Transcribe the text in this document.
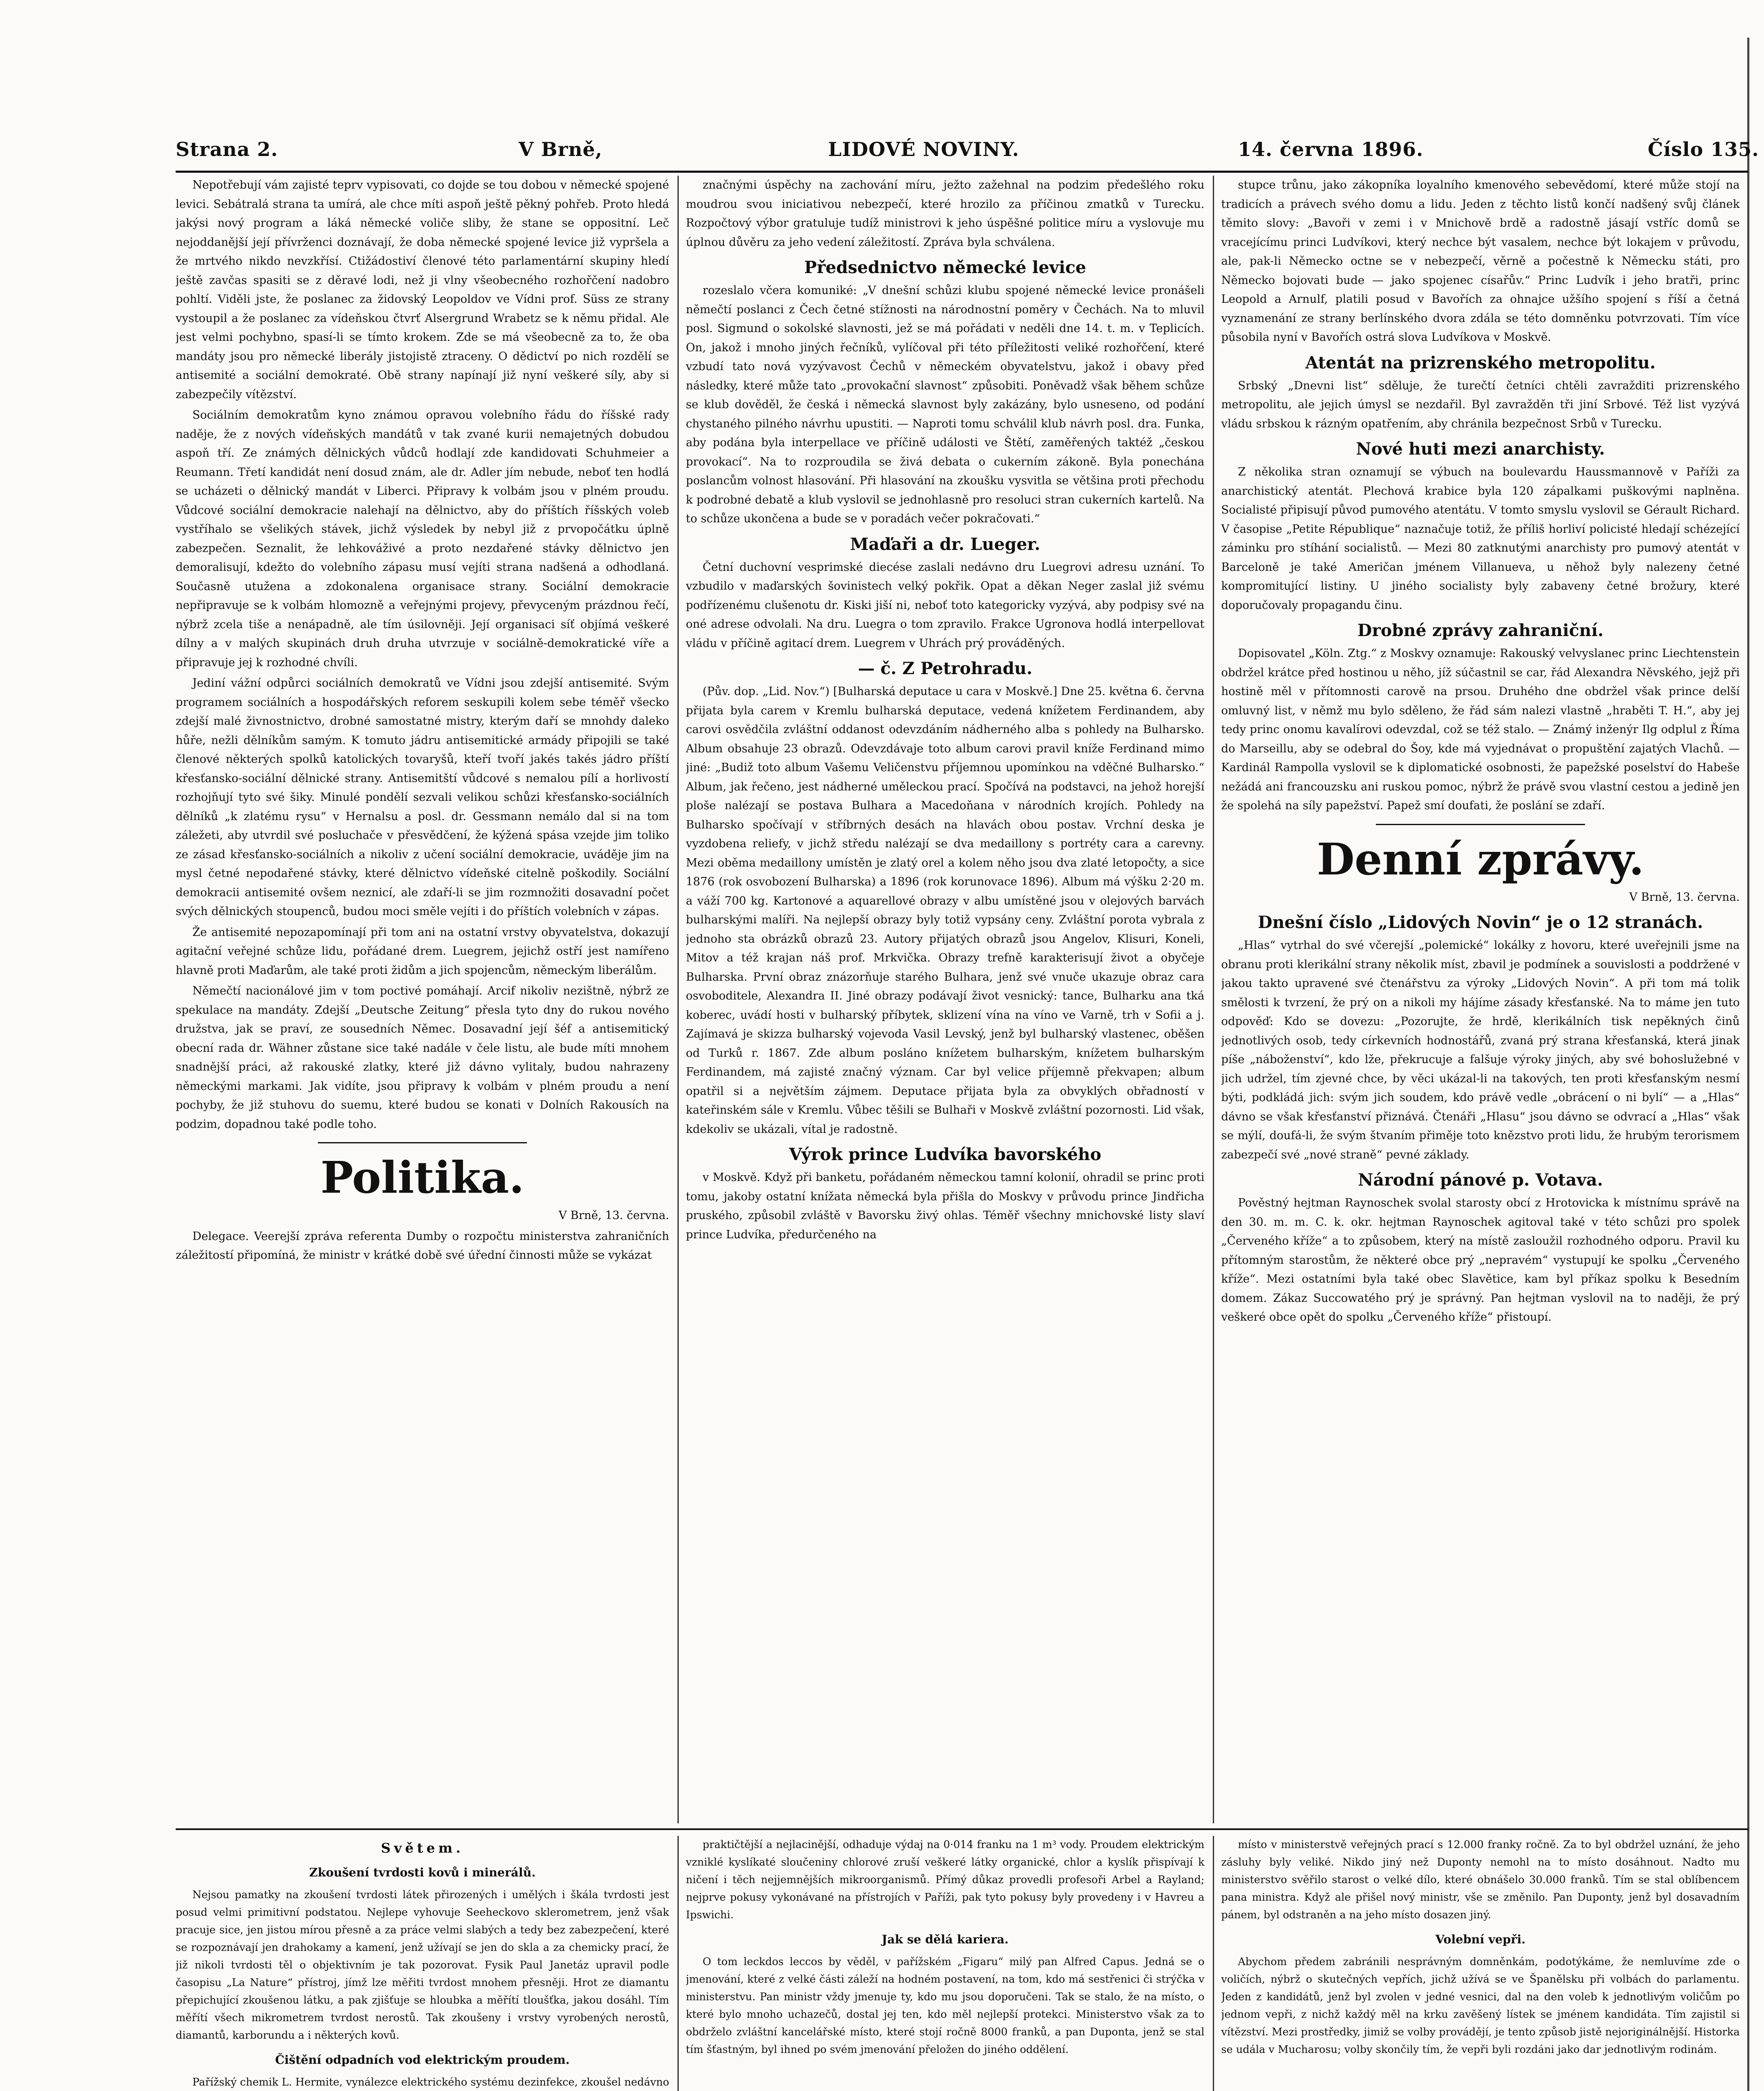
Strana 2.	V Brně,	LIDOVÉ NOVINY.	14. června 1896.	Číslo 135.

Nepotřebují vám zajisté teprv vypisovati, co dojde se tou dobou v německé spojené levici. Sebátralá strana ta umírá, ale chce míti aspoň ještě pěkný pohřeb. Proto hledá jakýsi nový program a láká německé voliče sliby, že stane se oppositní. Leč nejoddanější její přívrženci doznávají, že doba německé spojené levice již vypršela a že mrtvého nikdo nevzkřísí. Ctižádostiví členové této parlamentární skupiny hledí ještě zavčas spasiti se z děravé lodi, než ji vlny všeobecného rozhořčení nadobro pohltí. Viděli jste, že poslanec za židovský Leopoldov ve Vídni prof. Süss ze strany vystoupil a že poslanec za vídeňskou čtvrť Alsergrund Wrabetz se k němu přidal. Ale jest velmi pochybno, spasí-li se tímto krokem. Zde se má všeobecně za to, že oba mandáty jsou pro německé liberály jistojistě ztraceny. O dědictví po nich rozdělí se antisemité a sociální demokraté. Obě strany napínají již nyní veškeré síly, aby si zabezpečily vítězství.

Sociálním demokratům kyno známou opravou volebního řádu do říšské rady naděje, že z nových vídeňských mandátů v tak zvané kurii nemajetných dobudou aspoň tří. Ze známých dělnických vůdců hodlají zde kandidovati Schuhmeier a Reumann. Třetí kandidát není dosud znám, ale dr. Adler jím nebude, neboť ten hodlá se ucházeti o dělnický mandát v Liberci. Připravy k volbám jsou v plném proudu. Vůdcové sociální demokracie nalehají na dělnictvo, aby do příštích říšských voleb vystříhalo se všelikých stávek, jichž výsledek by nebyl již z prvopočátku úplně zabezpečen. Seznalit, že lehkováživé a proto nezdařené stávky dělnictvo jen demoralisují, kdežto do volebního zápasu musí vejíti strana nadšená a odhodlaná. Současně utužena a zdokonalena organisace strany. Sociální demokracie nepřipravuje se k volbám hlomozně a veřejnými projevy, převyceným prázdnou řečí, nýbrž zcela tiše a nenápadně, ale tím úsilovněji. Její organisaci síť objímá veškeré dílny a v malých skupinách druh druha utvrzuje v sociálně-demokratické víře a připravuje jej k rozhodné chvíli.

Jediní vážní odpůrci sociálních demokratů ve Vídni jsou zdejší antisemité. Svým programem sociálních a hospodářských reforem seskupili kolem sebe téměř všecko zdejší malé živnostnictvo, drobné samostatné mistry, kterým daří se mnohdy daleko hůře, nežli dělníkům samým. K tomuto jádru antisemitické armády připojili se také členové některých spolků katolických tovaryšů, kteří tvoří jakés takés jádro příští křesťansko-sociální dělnické strany. Antisemitští vůdcové s nemalou pílí a horlivostí rozhojňují tyto své šiky. Minulé pondělí sezvali velikou schůzi křesťansko-sociálních dělníků „k zlatému rysu“ v Hernalsu a posl. dr. Gessmann nemálo dal si na tom záležeti, aby utvrdil své posluchače v přesvědčení, že kýžená spása vzejde jim toliko ze zásad křesťansko-sociálních a nikoliv z učení sociální demokracie, uváděje jim na mysl četné nepodařené stávky, které dělnictvo vídeňské citelně poškodily. Sociální demokracii antisemité ovšem neznicí, ale zdaří-li se jim rozmnožiti dosavadní počet svých dělnických stoupenců, budou moci směle vejíti i do příštích volebních v zápas.

Že antisemité nepozapomínají při tom ani na ostatní vrstvy obyvatelstva, dokazují agitační veřejné schůze lidu, pořádané drem. Luegrem, jejichž ostří jest namířeno hlavně proti Maďarům, ale také proti židům a jich spojencům, německým liberálům.

Němečtí nacionálové jim v tom poctivé pomáhají. Arcif nikoliv nezištně, nýbrž ze spekulace na mandáty. Zdejší „Deutsche Zeitung“ přesla tyto dny do rukou nového družstva, jak se praví, ze sousedních Němec. Dosavadní její šéf a antisemitický obecní rada dr. Wähner zůstane sice také nadále v čele listu, ale bude míti mnohem snadnější práci, až rakouské zlatky, které již dávno vylitaly, budou nahrazeny německými markami. Jak vidíte, jsou připravy k volbám v plném proudu a není pochyby, že již stuhovu do suemu, které budou se konati v Dolních Rakousích na podzim, dopadnou také podle toho.

Politika.

V Brně, 13. června.

Delegace. Veerejší zpráva referenta Dumby o rozpočtu ministerstva zahraničních záležitostí připomíná, že ministr v krátké době své úřední činnosti může se vykázat

značnými úspěchy na zachování míru, ježto zažehnal na podzim předešlého roku moudrou svou iniciativou nebezpečí, které hrozilo za příčinou zmatků v Turecku. Rozpočtový výbor gratuluje tudíž ministrovi k jeho úspěšné politice míru a vyslovuje mu úplnou důvěru za jeho vedení záležitostí. Zpráva byla schválena.

Předsednictvo německé levice

rozeslalo včera komuniké: „V dnešní schůzi klubu spojené německé levice pronášeli němečtí poslanci z Čech četné stížnosti na národnostní poměry v Čechách. Na to mluvil posl. Sigmund o sokolské slavnosti, jež se má pořádati v neděli dne 14. t. m. v Teplicích. On, jakož i mnoho jiných řečníků, vylíčoval při této příležitosti veliké rozhořčení, které vzbudí tato nová vyzývavost Čechů v německém obyvatelstvu, jakož i obavy před následky, které může tato „provokační slavnost“ způsobiti. Poněvadž však během schůze se klub dověděl, že česká i německá slavnost byly zakázány, bylo usneseno, od podání chystaného pilného návrhu upustiti. — Naproti tomu schválil klub návrh posl. dra. Funka, aby podána byla interpellace ve příčině události ve Štětí, zaměřených taktéž „českou provokací“. Na to rozproudila se živá debata o cukerním zákoně. Byla ponechána poslancům volnost hlasování. Při hlasování na zkoušku vysvitla se většina proti přechodu k podrobné debatě a klub vyslovil se jednohlasně pro resoluci stran cukerních kartelů. Na to schůze ukončena a bude se v poradách večer pokračovati.“

Maďaři a dr. Lueger.

Četní duchovní vesprimské diecése zaslali nedávno dru Luegrovi adresu uznání. To vzbudilo v maďarských šovinistech velký pokřik. Opat a děkan Neger zaslal již svému podřízenému clušenotu dr. Kiski jiší ni, neboť toto kategoricky vyzývá, aby podpisy své na oné adrese odvolali. Na dru. Luegra o tom zpravilo. Frakce Ugronova hodlá interpellovat vládu v příčině agitací drem. Luegrem v Uhrách prý prováděných.

— č. Z Petrohradu.

(Pův. dop. „Lid. Nov.“) [Bulharská deputace u cara v Moskvě.] Dne 25. května 6. června přijata byla carem v Kremlu bulharská deputace, vedená knížetem Ferdinandem, aby carovi osvědčila zvláštní oddanost odevzdáním nádherného alba s pohledy na Bulharsko. Album obsahuje 23 obrazů. Odevzdávaje toto album carovi pravil kníže Ferdinand mimo jiné: „Budiž toto album Vašemu Veličenstvu příjemnou upomínkou na vděčné Bulharsko.“ Album, jak řečeno, jest nádherné uměleckou prací. Spočívá na podstavci, na jehož horejší ploše nalézají se postava Bulhara a Macedoňana v národních krojích. Pohledy na Bulharsko spočívají v stříbrných desách na hlavách obou postav. Vrchní deska je vyzdobena reliefy, v jichž středu nalézají se dva medaillony s portréty cara a carevny. Mezi oběma medaillony umístěn je zlatý orel a kolem něho jsou dva zlaté letopočty, a sice 1876 (rok osvobození Bulharska) a 1896 (rok korunovace 1896). Album má výšku 2·20 m. a váží 700 kg. Kartonové a aquarellové obrazy v albu umístěné jsou v olejových barvách bulharskými malíři. Na nejlepší obrazy byly totiž vypsány ceny. Zvláštní porota vybrala z jednoho sta obrázků obrazů 23. Autory přijatých obrazů jsou Angelov, Klisuri, Koneli, Mitov a též krajan náš prof. Mrkvička. Obrazy trefně karakterisují život a obyčeje Bulharska. První obraz znázorňuje starého Bulhara, jenž své vnuče ukazuje obraz cara osvoboditele, Alexandra II. Jiné obrazy podávají život vesnický: tance, Bulharku ana tká koberec, uvádí hosti v bulharský příbytek, sklizení vína na víno ve Varně, trh v Sofii a j. Zajímavá je skizza bulharský vojevoda Vasil Levský, jenž byl bulharský vlastenec, oběšen od Turků r. 1867. Zde album posláno knížetem bulharským, knížetem bulharským Ferdinandem, má zajisté značný význam. Car byl velice příjemně překvapen; album opatřil si a největším zájmem. Deputace přijata byla za obvyklých obřadností v kateřinském sále v Kremlu. Vůbec těšili se Bulhaři v Moskvě zvláštní pozornosti. Lid však, kdekoliv se ukázali, vítal je radostně.

Výrok prince Ludvíka bavorského

v Moskvě. Když při banketu, pořádaném německou tamní kolonií, ohradil se princ proti tomu, jakoby ostatní knížata německá byla přišla do Moskvy v průvodu prince Jindřicha pruského, způsobil zvláště v Bavorsku živý ohlas. Téměř všechny mnichovské listy slaví prince Ludvíka, předurčeného na

stupce trůnu, jako zákopníka loyalního kmenového sebevědomí, které může stojí na tradicích a právech svého domu a lidu. Jeden z těchto listů končí nadšený svůj článek těmito slovy: „Bavoři v zemi i v Mnichově brdě a radostně jásají vstříc domů se vracejícímu princi Ludvíkovi, který nechce být vasalem, nechce být lokajem v průvodu, ale, pak-li Německo octne se v nebezpečí, věrně a počestně k Německu státi, pro Německo bojovati bude — jako spojenec císařův.“ Princ Ludvík i jeho bratři, princ Leopold a Arnulf, platili posud v Bavořích za ohnajce užšího spojení s říší a četná vyznamenání ze strany berlínského dvora zdála se této domněnku potvrzovati. Tím více působila nyní v Bavořích ostrá slova Ludvíkova v Moskvě.

Atentát na prizrenského metropolitu.

Srbský „Dnevni list“ sděluje, že turečtí četníci chtěli zavražditi prizrenského metropolitu, ale jejich úmysl se nezdařil. Byl zavražděn tři jiní Srbové. Též list vyzývá vládu srbskou k rázným opatřením, aby chránila bezpečnost Srbů v Turecku.

Nové huti mezi anarchisty.

Z několika stran oznamují se výbuch na boulevardu Haussmannově v Paříži za anarchistický atentát. Plechová krabice byla 120 zápalkami puškovými naplněna. Socialisté připisují původ pumového atentátu. V tomto smyslu vyslovil se Gérault Richard. V časopise „Petite République“ naznačuje totiž, že příliš horliví policisté hledají schézející záminku pro stíhání socialistů. — Mezi 80 zatknutými anarchisty pro pumový atentát v Barceloně je také Američan jménem Villanueva, u něhož byly nalezeny četné kompromitující listiny. U jiného socialisty byly zabaveny četné brožury, které doporučovaly propagandu činu.

Drobné zprávy zahraniční.

Dopisovatel „Köln. Ztg.“ z Moskvy oznamuje: Rakouský velvyslanec princ Liechtenstein obdržel krátce před hostinou u něho, jíž súčastnil se car, řád Alexandra Něvského, jejž při hostině měl v přítomnosti carově na prsou. Druhého dne obdržel však prince delší omluvný list, v němž mu bylo sděleno, že řád sám nalezi vlastně „hraběti T. H.“, aby jej tedy princ onomu kavalírovi odevzdal, což se též stalo. — Známý inženýr Ilg odplul z Říma do Marseillu, aby se odebral do Šoy, kde má vyjednávat o propuštění zajatých Vlachů. — Kardinál Rampolla vyslovil se k diplomatické osobnosti, že papežské poselství do Habeše nežádá ani francouzsku ani ruskou pomoc, nýbrž že právě svou vlastní cestou a jedině jen že spolehá na síly papežství. Papež smí doufati, že poslání se zdaří.

Denní zprávy.

V Brně, 13. června.

Dnešní číslo „Lidových Novin“ je o 12 stranách.

„Hlas“ vytrhal do své včerejší „polemické“ lokálky z hovoru, které uveřejnili jsme na obranu proti klerikální strany několik míst, zbavil je podmínek a souvislosti a poddržené v jakou takto upravené své čtenářstvu za výroky „Lidových Novin“. A při tom má tolik smělosti k tvrzení, že prý on a nikoli my hájíme zásady křesťanské. Na to máme jen tuto odpověď: Kdo se dovezu: „Pozorujte, že hrdě, klerikálních tisk nepěkných činů jednotlivých osob, tedy církevních hodnostářů, zvaná prý strana křesťanská, která jinak píše „náboženství“, kdo lže, překrucuje a falšuje výroky jiných, aby své bohoslužebné v jich udržel, tím zjevné chce, by věci ukázal-li na takových, ten proti křesťanským nesmí býti, podkládá jich: svým jich soudem, kdo právě vedle „obrácení o ni bylí“ — a „Hlas“ dávno se však křesťanství přiznává. Čtenáři „Hlasu“ jsou dávno se odvrací a „Hlas“ však se mýlí, doufá-li, že svým štvaním přiměje toto knězstvo proti lidu, že hrubým terorismem zabezpečí své „nové straně“ pevné základy.

Národní pánové p. Votava.

Pověstný hejtman Raynoschek svolal starosty obcí z Hrotovicka k místnímu správě na den 30. m. m. C. k. okr. hejtman Raynoschek agitoval také v této schůzi pro spolek „Červeného kříže“ a to způsobem, který na místě zasloužil rozhodného odporu. Pravil ku přítomným starostům, že některé obce prý „nepravém“ vystupují ke spolku „Červeného kříže“. Mezi ostatními byla také obec Slavětice, kam byl příkaz spolku k Besedním domem. Zákaz Succowatého prý je správný. Pan hejtman vyslovil na to naději, že prý veškeré obce opět do spolku „Červeného kříže“ přistoupí.

Světem.
Zkoušení tvrdosti kovů i minerálů.

Nejsou pamatky na zkoušení tvrdosti látek přirozených i umělých i škála tvrdosti jest posud velmi primitivní podstatou. Nejlepe vyhovuje Seeheckovo sklerometrem, jenž však pracuje sice, jen jistou mírou přesně a za práce velmi slabých a tedy bez zabezpečení, které se rozpoznávají jen drahokamy a kamení, jenž užívají se jen do skla a za chemicky prací, že již nikoli tvrdosti těl o objektivním je tak pozorovat. Fysik Paul Janetáz upravil podle časopisu „La Nature“ přístroj, jímž lze měřiti tvrdost mnohem přesněji. Hrot ze diamantu přepichující zkoušenou látku, a pak zjišťuje se hloubka a měřítí tloušťka, jakou dosáhl. Tím měřítí všech mikrometrem tvrdost nerostů. Tak zkoušeny i vrstvy vyrobených nerostů, diamantů, karborundu a i některých kovů.

Čištění odpadních vod elektrickým proudem.

Pařížský chemik L. Hermite, vynálezce elektrického systému dezinfekce, zkoušel nedávno

praktičtější a nejlacinější, odhaduje výdaj na 0·014 franku na 1 m³ vody. Proudem elektrickým vzniklé kyslíkaté sloučeniny chlorové zruší veškeré látky organické, chlor a kyslík přispívají k ničení i těch nejjemnějších mikroorganismů. Přímý důkaz provedli profesoři Arbel a Rayland; nejprve pokusy vykonávané na přístrojích v Paříži, pak tyto pokusy byly provedeny i v Havreu a Ipswichi.

Jak se dělá kariera.

O tom leckdos leccos by věděl, v pařížském „Figaru“ milý pan Alfred Capus. Jedná se o jmenování, které z velké části záleží na hodném postavení, na tom, kdo má sestřenici či strýčka v ministerstvu. Pan ministr vždy jmenuje ty, kdo mu jsou doporučeni. Tak se stalo, že na místo, o které bylo mnoho uchazečů, dostal jej ten, kdo měl nejlepší protekci. Ministerstvo však za to obdrželo zvláštní kancelářské místo, které stojí ročně 8000 franků, a pan Duponta, jenž se stal tím šťastným, byl ihned po svém jmenování přeložen do jiného oddělení.

místo v ministerstvě veřejných prací s 12.000 franky ročně. Za to byl obdržel uznání, že jeho zásluhy byly veliké. Nikdo jiný než Duponty nemohl na to místo dosáhnout. Nadto mu ministerstvo svěřilo starost o velké dílo, které obnášelo 30.000 franků. Tím se stal oblíbencem pana ministra. Když ale přišel nový ministr, vše se změnilo. Pan Duponty, jenž byl dosavadním pánem, byl odstraněn a na jeho místo dosazen jiný.

Volební vepři.

Abychom předem zabránili nesprávným domněnkám, podotýkáme, že nemluvíme zde o voličích, nýbrž o skutečných vepřích, jichž užívá se ve Španělsku při volbách do parlamentu. Jeden z kandidátů, jenž byl zvolen v jedné vesnici, dal na den voleb k jednotlivým voličům po jednom vepři, z nichž každý měl na krku zavěšený lístek se jménem kandidáta. Tím zajistil si vítězství. Mezi prostředky, jimiž se volby provádějí, je tento způsob jistě nejoriginálnější. Historka se udála v Mucharosu; volby skončily tím, že vepři byli rozdáni jako dar jednotlivým rodinám.
